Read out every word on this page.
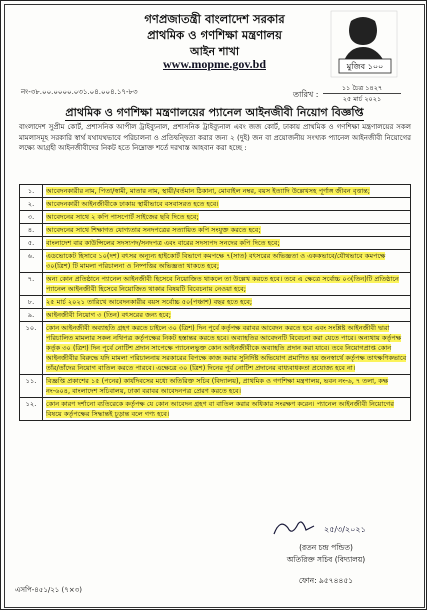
গণপ্রজাতন্ত্রী বাংলাদেশ সরকার
প্রাথমিক ও গণশিক্ষা মন্ত্রণালয়
আইন শাখা
www.mopme.gov.bd	মুজিব ১০০
নং-৩৮.০০.০০০০.০৩১.০৪.০০৪.১৭-৮৩	তারিখ :
১১ চৈত্র ১৪২৭
২৫ মার্চ ২০২১
প্রাথমিক ও গণশিক্ষা মন্ত্রণালয়ের প্যানেল আইনজীবী নিয়োগ বিজ্ঞপ্তি
বাংলাদেশ সুপ্রীম কোর্ট, প্রশাসনিক আপীল ট্রাইব্যুনাল, প্রশাসনিক ট্রাইব্যুনাল এবং জজ কোর্ট, ঢাকায় প্রাথমিক ও গণশিক্ষা মন্ত্রণালয়ের সকল মামলাসমূহ সরকারি স্বার্থ যথাযথভাবে পরিচালনা ও প্রতিদ্বন্দ্বিতা করার জন্য ২ (দুই) জন বা প্রয়োজনীয় সংখ্যক প্যানেল আইনজীবী নিয়োগের লক্ষ্যে আগ্রহী আইনজীবীদের নিকট হতে নিম্নোক্ত শর্তে দরখাস্ত আহবান করা হচ্ছে :
১.	আবেদনকারীর নাম, পিতা/স্বামী, মাতার নাম, স্থায়ী/বর্তমান ঠিকানা, মোবাইল নম্বর, বয়স ইত্যাদি উল্লেখসহ পূর্ণাঙ্গ জীবন বৃত্তান্ত;
২.	আবেদনকারী আইনজীবীকে ঢাকায় স্থায়ীভাবে বসবাসরত হতে হবে।
৩.	আবেদনের সাথে ২ কপি পাসপোর্ট সাইজের ছবি দিতে হবে;
৪.	আবেদনের সাথে শিক্ষাগত যোগ্যতার সনদপত্রের সত্যায়িত কপি সংযুক্ত করতে হবে;
৫.	বাংলাদেশ বার কাউন্সিলের সদস্যপদ/সনদপত্র এবং বারের সদস্যপদ সনদের কপি দিতে হবে;
৬.	এডভোকেট হিসাবে ১০(দশ) বৎসর অন্যূন্য হাইকোর্ট বিভাগে কমপক্ষে ৭(সাত) বৎসরের অভিজ্ঞতা ও এককভাবে/যৌথভাবে কমপক্ষে ৩০(ত্রিশ) টি মামলা পরিচালনা ও নিষ্পত্তির অভিজ্ঞতা থাকতে হবে;
৭.	অন্য কোন প্রতিষ্ঠানে প্যানেল আইনজীবী হিসেবে নিয়োজিত থাকলে তা উল্লেখ করতে হবে। তবে এ ক্ষেত্রে সর্বোচ্চ ০৩(তিন)টি প্রতিষ্ঠানে প্যানেল আইনজীবী হিসেবে নিয়োজিত থাকার বিষয়টি বিবেচনায় নেওয়া হবে;
৮.	২৫ মার্চ ২০২১ তারিখে আবেদনকারীর বয়স সর্বোচ্চ ৫০(পঞ্চাশ) বছর হতে হবে;
৯.	আইনজীবী নিয়োগ ৩ (তিন) বৎসরের জন্য হবে;
১০.	কোন আইনজীবী অব্যাহতি গ্রহণ করতে চাইলে ৩০ (ত্রিশ) দিন পূর্বে কর্তৃপক্ষ বরাবর আবেদন করতে হবে এবং সংশ্লিষ্ট আইনজীবী দ্বারা পরিচালিত মামলার সকল নথিপত্র কর্তৃপক্ষের নিকট হস্তান্তর করতে হবে। অব্যাহতির আবেদনটি বিবেচনা করা যেতে পারে। অন্যথায় কর্তৃপক্ষ কর্তৃক ৩০ (ত্রিশ) দিন পূর্বে নোটিশ প্রদান সাপেক্ষে প্যানেলভুক্ত কোন আইনজীবীকে অব্যাহতি প্রদান করা যাবে। তবে নিয়োগপ্রাপ্ত কোন আইনজীবীর বিরুদ্ধে যদি মামলা পরিচালনায় সরকারের বিপক্ষে কাজ করার সুনির্দিষ্ট অভিযোগ প্রমাণিত হয় জনস্বার্থে কর্তৃপক্ষ তাৎক্ষণিকভাবে তাঁর/তাঁদের নিয়োগ বাতিল করতে পারবে। এক্ষেত্রে ৩০ (ত্রিশ) দিনের পূর্ব নোটিশ প্রদানের বাধ্যবাধকতা প্রযোজ্য হবে না।
১১.	বিজ্ঞপ্তি প্রকাশের ১৫ (পনের) কার্যদিবসের মধ্যে অতিরিক্ত সচিব (বিদ্যালয়), প্রাথমিক ও গণশিক্ষা মন্ত্রণালয়, ভবন নং-৬, ৭ তলা, কক্ষ নং-৬০৪, বাংলাদেশ সচিবালয়, ঢাকা বরাবর আবেদনপত্র প্রেরণ করতে হবে।
১২.	কোন কারণ দর্শানো ব্যতিরেকে কর্তৃপক্ষ যে কোন আবেদন গ্রহণ বা বাতিল করার অধিকার সংরক্ষণ করেন। প্যানেল আইনজীবী নিয়োগের বিষয়ে কর্তৃপক্ষের সিদ্ধান্তই চূড়ান্ত বলে গণ্য হবে।
২৫/৩/২০২১
(রতন চন্দ্র পন্ডিত)
অতিরিক্ত সচিব (বিদ্যালয়)
ফোন: ৯৫৭৪৪৫১
এসপি-৪৫১/২১ (৭×৩)
